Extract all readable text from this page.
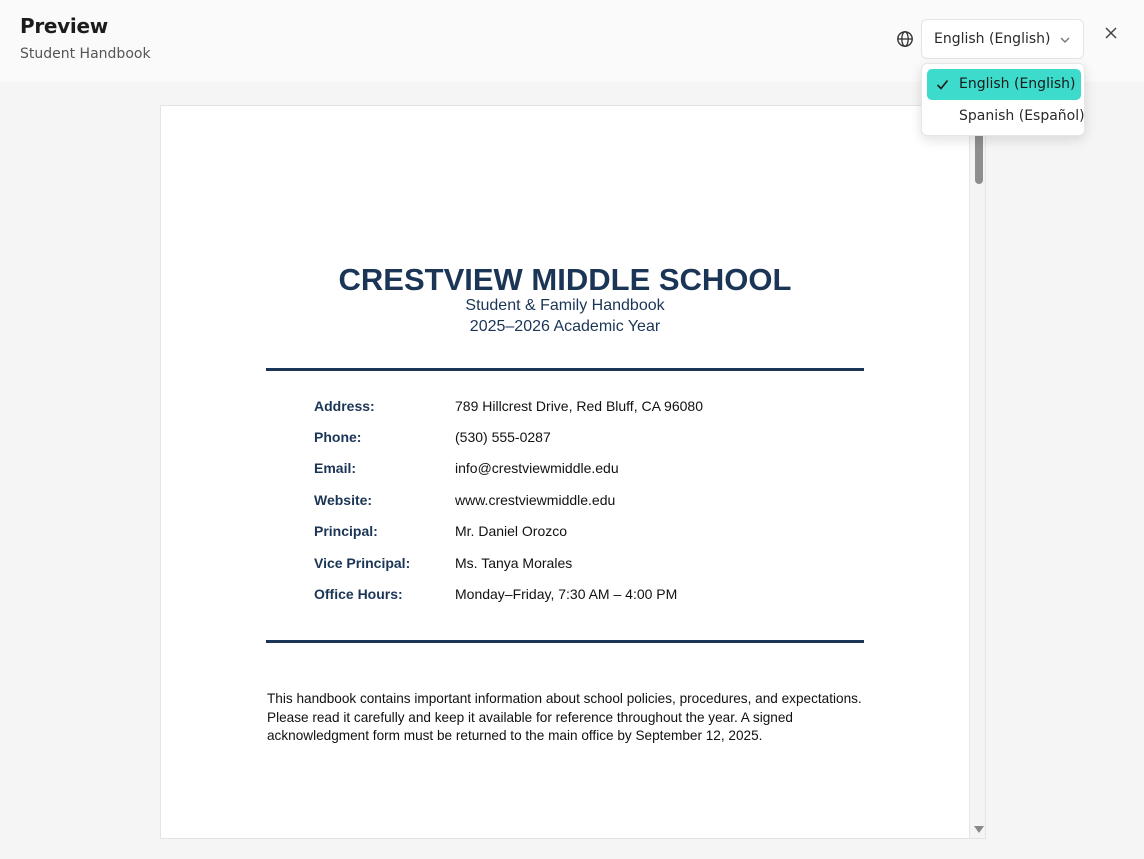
Preview
Student Handbook
English (English)
CRESTVIEW MIDDLE SCHOOL
Student & Family Handbook
2025–2026 Academic Year
Address:	789 Hillcrest Drive, Red Bluff, CA 96080
Phone:	(530) 555-0287
Email:	info@crestviewmiddle.edu
Website:	www.crestviewmiddle.edu
Principal:	Mr. Daniel Orozco
Vice Principal:	Ms. Tanya Morales
Office Hours:	Monday–Friday, 7:30 AM – 4:00 PM
This handbook contains important information about school policies, procedures, and expectations.
Please read it carefully and keep it available for reference throughout the year. A signed
acknowledgment form must be returned to the main office by September 12, 2025.
English (English)
Spanish (Español)
